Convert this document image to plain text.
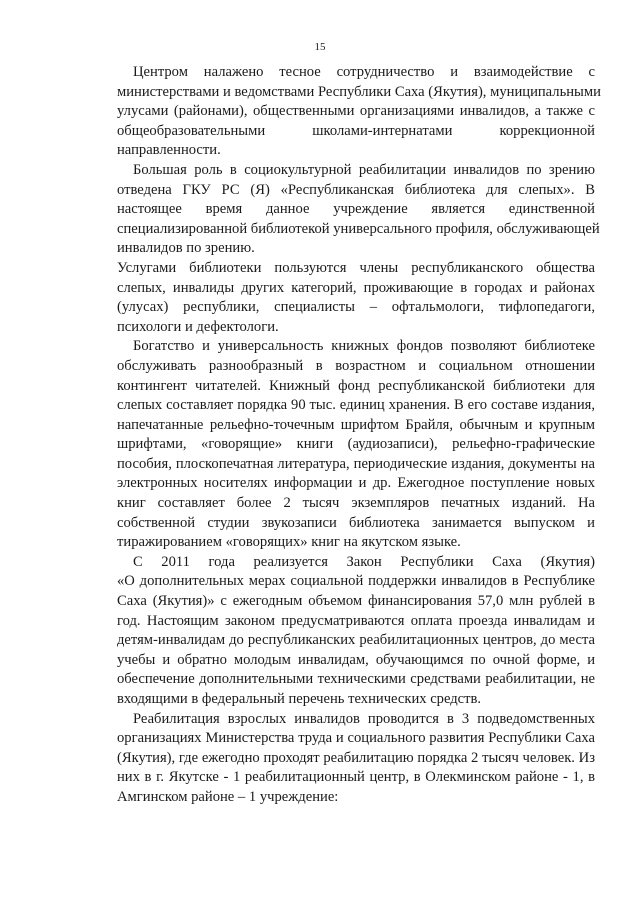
15
Центром налажено тесное сотрудничество и взаимодействие с
министерствами и ведомствами Республики Саха (Якутия), муниципальными
улусами (районами), общественными организациями инвалидов, а также с
общеобразовательными школами-интернатами коррекционной
направленности.
Большая роль в социокультурной реабилитации инвалидов по зрению
отведена ГКУ РС (Я) «Республиканская библиотека для слепых». В
настоящее время данное учреждение является единственной
специализированной библиотекой универсального профиля, обслуживающей
инвалидов по зрению.
Услугами библиотеки пользуются члены республиканского общества
слепых, инвалиды других категорий, проживающие в городах и районах
(улусах) республики, специалисты – офтальмологи, тифлопедагоги,
психологи и дефектологи.
Богатство и универсальность книжных фондов позволяют библиотеке
обслуживать разнообразный в возрастном и социальном отношении
контингент читателей. Книжный фонд республиканской библиотеки для
слепых составляет порядка 90 тыс. единиц хранения. В его составе издания,
напечатанные рельефно-точечным шрифтом Брайля, обычным и крупным
шрифтами, «говорящие» книги (аудиозаписи), рельефно-графические
пособия, плоскопечатная литература, периодические издания, документы на
электронных носителях информации и др. Ежегодное поступление новых
книг составляет более 2 тысяч экземпляров печатных изданий. На
собственной студии звукозаписи библиотека занимается выпуском и
тиражированием «говорящих» книг на якутском языке.
С 2011 года реализуется Закон Республики Саха (Якутия)
«О дополнительных мерах социальной поддержки инвалидов в Республике
Саха (Якутия)» с ежегодным объемом финансирования 57,0 млн рублей в
год. Настоящим законом предусматриваются оплата проезда инвалидам и
детям-инвалидам до республиканских реабилитационных центров, до места
учебы и обратно молодым инвалидам, обучающимся по очной форме, и
обеспечение дополнительными техническими средствами реабилитации, не
входящими в федеральный перечень технических средств.
Реабилитация взрослых инвалидов проводится в 3 подведомственных
организациях Министерства труда и социального развития Республики Саха
(Якутия), где ежегодно проходят реабилитацию порядка 2 тысяч человек. Из
них в г. Якутске - 1 реабилитационный центр, в Олекминском районе - 1, в
Амгинском районе – 1 учреждение:
